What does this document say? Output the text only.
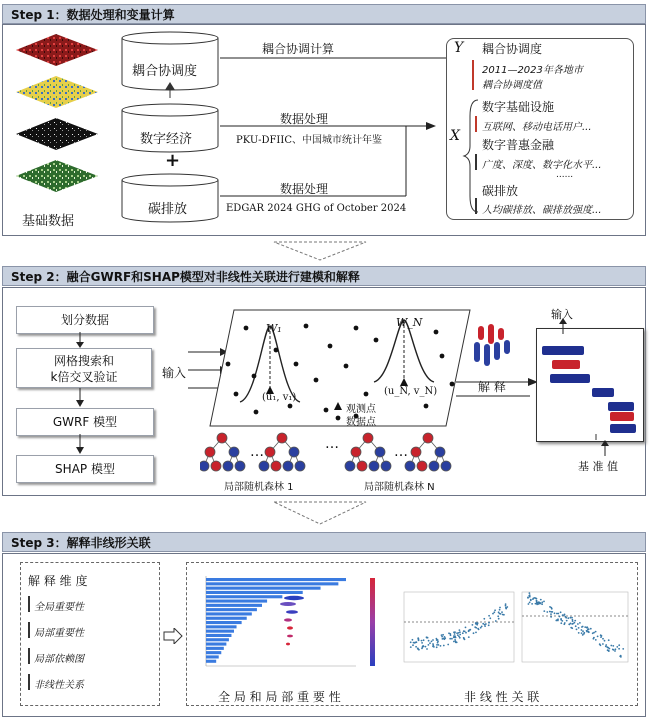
Step 1：数据处理和变量计算
基础数据
耦合协调度
数字经济
+
碳排放
耦合协调计算
数据处理
PKU-DFIIC、中国城市统计年鉴
数据处理
EDGAR 2024 GHG of October 2024
Y 耦合协调度
2011—2023年各地市
耦合协调度值
X
数字基础设施
互联网、移动电话用户...
数字普惠金融
广度、深度、数字化水平...
......
碳排放
人均碳排放、碳排放强度...
Step 2：融合GWRF和SHAP模型对非线性关联进行建模和解释
划分数据
网格搜索和
k倍交叉验证
GWRF 模型
SHAP 模型
输入
W₁	W_N
(u₁, v₁)
(u_N, v_N)
观测点
数据点
解 释
输入
基 准 值
…	…	…
局部随机森林 1	局部随机森林 N
Step 3：解释非线形关联
解 释 维 度
全局重要性
局部重要性
局部依赖图
非线性关系
全 局 和 局 部 重 要 性	非 线 性 关 联
